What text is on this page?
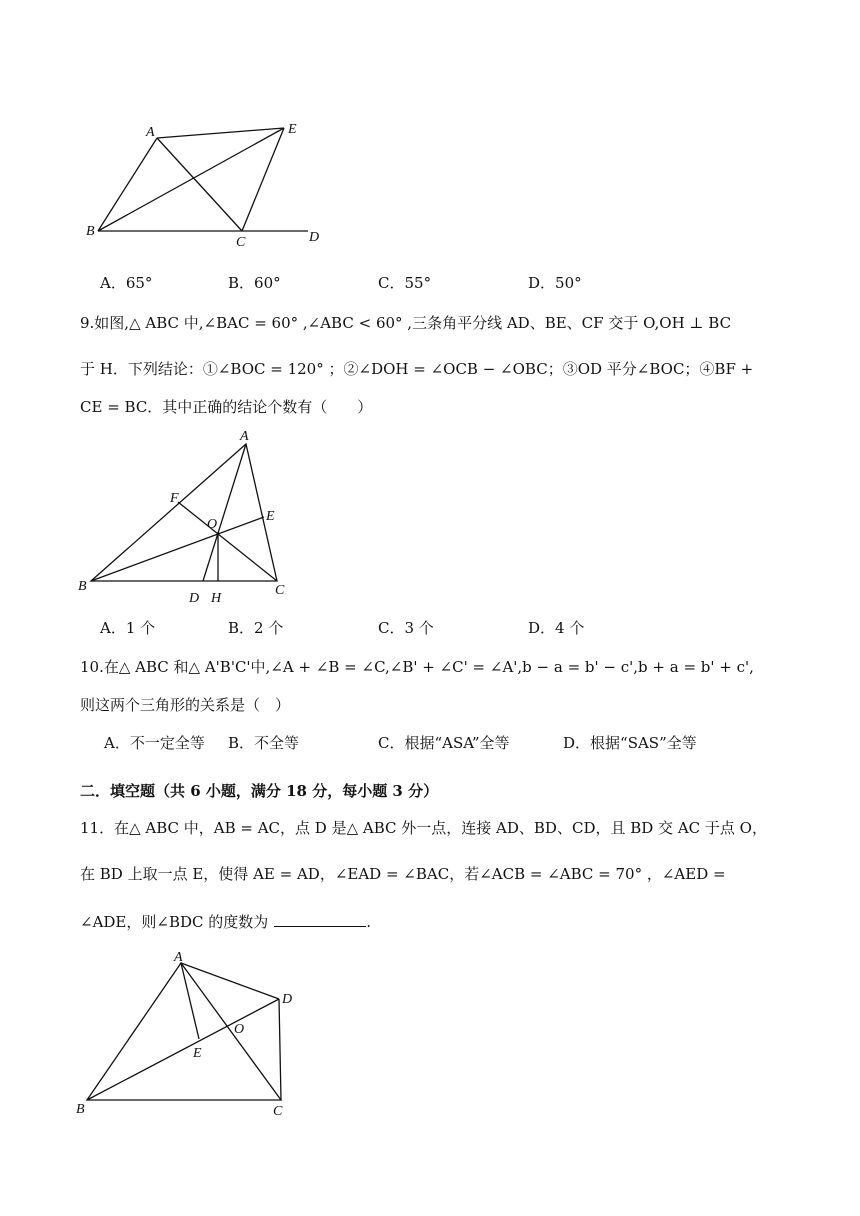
A	E
B
C	D
A．65°	B．60°	C．55°	D．50°
9.如图,△ ABC 中,∠BAC = 60° ,∠ABC < 60° ,三条角平分线 AD、BE、CF 交于 O,OH ⊥ BC
于 H．下列结论：①∠BOC = 120° ；②∠DOH = ∠OCB − ∠OBC；③OD 平分∠BOC；④BF +
CE = BC．其中正确的结论个数有（　　）
A
F
O
E
B	C
D H
A．1 个	B．2 个	C．3 个	D．4 个
10.在△ ABC 和△ A'B'C'中,∠A + ∠B = ∠C,∠B' + ∠C' = ∠A',b − a = b' − c',b + a = b' + c',
则这两个三角形的关系是（　）
A．不一定全等 B．不全等	C．根据“ASA”全等	D．根据“SAS”全等
二．填空题（共 6 小题，满分 18 分，每小题 3 分）
11．在△ ABC 中，AB = AC，点 D 是△ ABC 外一点，连接 AD、BD、CD，且 BD 交 AC 于点 O，
在 BD 上取一点 E，使得 AE = AD，∠EAD = ∠BAC，若∠ACB = ∠ABC = 70° ，∠AED =
∠ADE，则∠BDC 的度数为	.
A
D
O
E
B	C
